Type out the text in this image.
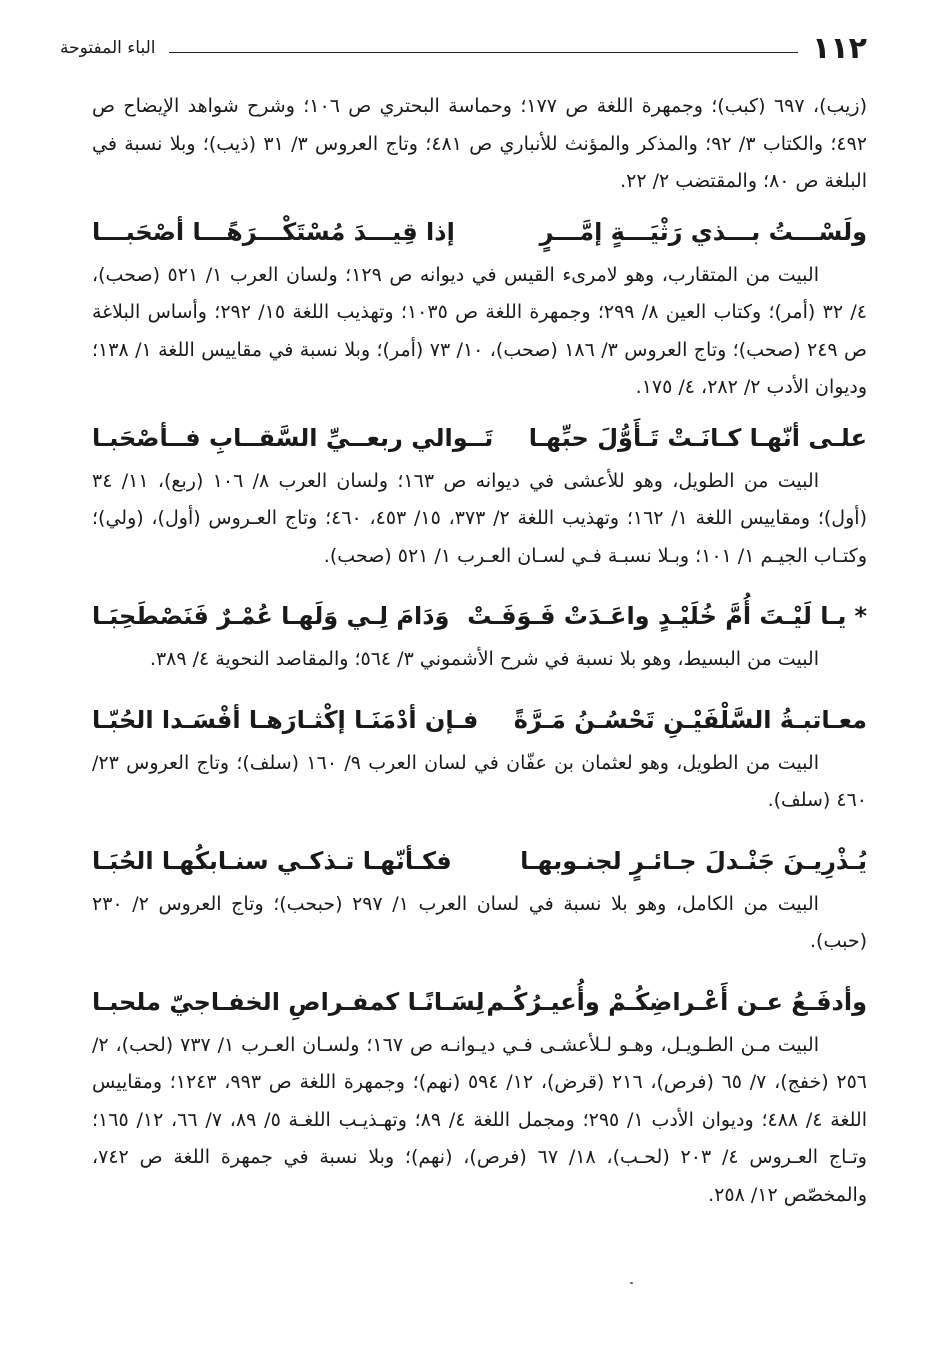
١١٢
الباء المفتوحة

(زيب)، ٦٩٧ (كبب)؛ وجمهرة اللغة ص ١٧٧؛ وحماسة البحتري ص ١٠٦؛ وشرح شواهد الإيضاح ص ٤٩٢؛ والكتاب ٣/ ٩٢؛ والمذكر والمؤنث للأنباري ص ٤٨١؛ وتاج العروس ٣/ ٣١ (ذيب)؛ وبلا نسبة في البلغة ص ٨٠؛ والمقتضب ٢/ ٢٢.

ولَسْـــتُ بـــذي رَثْيَـــةٍ إمَّـــرٍ
إذا قِيـــدَ مُسْتَكْـــرَهًـــا أصْحَبـــا

البيت من المتقارب، وهو لامرىء القيس في ديوانه ص ١٢٩؛ ولسان العرب ١/ ٥٢١ (صحب)، ٤/ ٣٢ (أمر)؛ وكتاب العين ٨/ ٢٩٩؛ وجمهرة اللغة ص ١٠٣٥؛ وتهذيب اللغة ١٥/ ٢٩٢؛ وأساس البلاغة ص ٢٤٩ (صحب)؛ وتاج العروس ٣/ ١٨٦ (صحب)، ١٠/ ٧٣ (أمر)؛ وبلا نسبة في مقاييس اللغة ١/ ١٣٨؛ وديوان الأدب ٢/ ٢٨٢، ٤/ ١٧٥.

علـى أنّهـا كـانَـتْ تَـأَوُّلَ حبِّهـا
تَــوالي ربعــيِّ السَّقــابِ فــأصْحَبـا

البيت من الطويل، وهو للأعشى في ديوانه ص ١٦٣؛ ولسان العرب ٨/ ١٠٦ (ربع)، ١١/ ٣٤ (أول)؛ ومقاييس اللغة ١/ ١٦٢؛ وتهذيب اللغة ٢/ ٣٧٣، ١٥/ ٤٥٣، ٤٦٠؛ وتاج العـروس (أول)، (ولي)؛ وكتـاب الجيـم ١/ ١٠١؛ وبـلا نسبـة فـي لسـان العـرب ١/ ٥٢١ (صحب).

*يـا لَيْـتَ أُمَّ خُلَيْـدٍ واعَـدَتْ فَـوَفَـتْ
وَدَامَ لِـي وَلَهـا عُمْـرٌ فَنَصْطَحِبَـا

البيت من البسيط، وهو بلا نسبة في شرح الأشموني ٣/ ٥٦٤؛ والمقاصد النحوية ٤/ ٣٨٩.

معـاتبـةُ السَّلْفَيْـنِ تَحْسُـنُ مَـرَّةً
فـإن أدْمَنَـا إكْثـارَهـا أفْسَـدا الحُبّـا

البيت من الطويل، وهو لعثمان بن عفّان في لسان العرب ٩/ ١٦٠ (سلف)؛ وتاج العروس ٢٣/ ٤٦٠ (سلف).

يُـذْرِيـنَ جَنْـدلَ جـائـرٍ لجنـوبهـا
فكـأنّهـا تـذكـي سنـابكُهـا الحُبَـا

البيت من الكامل، وهو بلا نسبة في لسان العرب ١/ ٢٩٧ (حبحب)؛ وتاج العروس ٢/ ٢٣٠ (حبب).

وأدفَـعُ عـن أَعْـراضِكُـمْ وأُعيـرُكُـم
لِسَـانًـا كمفـراصِ الخفـاجيّ ملحبـا

البيت مـن الطـويـل، وهـو لـلأعشـى فـي ديـوانـه ص ١٦٧؛ ولسـان العـرب ١/ ٧٣٧ (لحب)، ٢/ ٢٥٦ (خفج)، ٧/ ٦٥ (فرص)، ٢١٦ (قرض)، ١٢/ ٥٩٤ (نهم)؛ وجمهرة اللغة ص ٩٩٣، ١٢٤٣؛ ومقاييس اللغة ٤/ ٤٨٨؛ وديوان الأدب ١/ ٢٩٥؛ ومجمل اللغة ٤/ ٨٩؛ وتهـذيـب اللغـة ٥/ ٨٩، ٧/ ٦٦، ١٢/ ١٦٥؛ وتـاج العـروس ٤/ ٢٠٣ (لحـب)، ١٨/ ٦٧ (فرص)، (نهم)؛ وبلا نسبة في جمهرة اللغة ص ٧٤٢، والمخصّص ١٢/ ٢٥٨.
